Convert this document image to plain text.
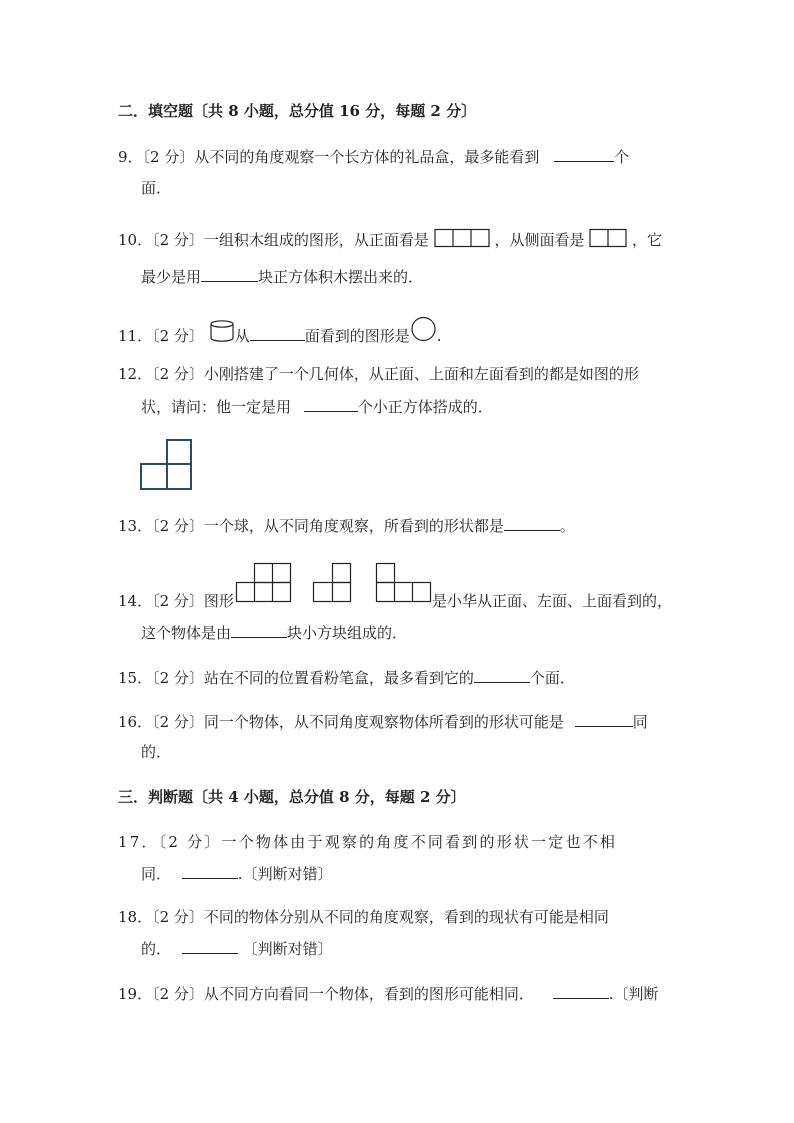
二．填空题〔共 8 小题，总分值 16 分，每题 2 分〕
9．〔2 分〕从不同的角度观察一个长方体的礼品盒，最多能看到	个
面．
10．〔2 分〕一组积木组成的图形，从正面看是	，从侧面看是	，它
最少是用	块正方体积木摆出来的．
11．〔2 分〕 从	面看到的图形是 .
12．〔2 分〕小刚搭建了一个几何体，从正面、上面和左面看到的都是如图的形
状，请问：他一定是用	个小正方体搭成的．
13．〔2 分〕一个球，从不同角度观察，所看到的形状都是	。
14．〔2 分〕图形	是小华从正面、左面、上面看到的，
这个物体是由	块小方块组成的．
15．〔2 分〕站在不同的位置看粉笔盒，最多看到它的	个面．
16．〔2 分〕同一个物体，从不同角度观察物体所看到的形状可能是	同
的．
三．判断题〔共 4 小题，总分值 8 分，每题 2 分〕
17．〔2 分〕一个物体由于观察的角度不同看到的形状一定也不相
同．	.〔判断对错〕
18．〔2 分〕不同的物体分别从不同的角度观察，看到的现状有可能是相同
的．	〔判断对错〕
19．〔2 分〕从不同方向看同一个物体，看到的图形可能相同．	.〔判断
